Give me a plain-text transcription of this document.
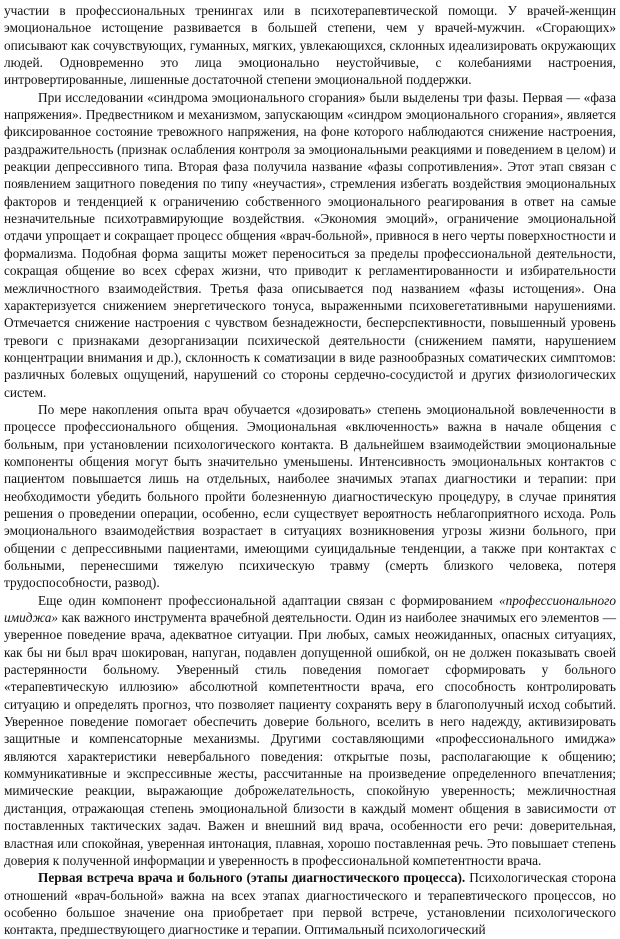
участии в профессиональных тренингах или в психотерапевтической помощи. У врачей-женщин эмоциональное истощение развивается в большей степени, чем у врачей-мужчин. «Сгорающих» описывают как сочувствующих, гуманных, мягких, увлекающихся, склонных идеализировать окружающих людей. Одновременно это лица эмоционально неустойчивые, с колебаниями настроения, интровертированные, лишенные достаточной степени эмоциональной поддержки.

При исследовании «синдрома эмоционального сгорания» были выделены три фазы. Первая — «фаза напряжения». Предвестником и механизмом, запускающим «синдром эмоционального сгорания», является фиксированное состояние тревожного напряжения, на фоне которого наблюдаются снижение настроения, раздражительность (признак ослабления контроля за эмоциональными реакциями и поведением в целом) и реакции депрессивного типа. Вторая фаза получила название «фазы сопротивления». Этот этап связан с появлением защитного поведения по типу «неучастия», стремления избегать воздействия эмоциональных факторов и тенденцией к ограничению собственного эмоционального реагирования в ответ на самые незначительные психотравмирующие воздействия. «Экономия эмоций», ограничение эмоциональной отдачи упрощает и сокращает процесс общения «врач-больной», привнося в него черты поверхностности и формализма. Подобная форма защиты может переноситься за пределы профессиональной деятельности, сокращая общение во всех сферах жизни, что приводит к регламентированности и избирательности межличностного взаимодействия. Третья фаза описывается под названием «фазы истощения». Она характеризуется снижением энергетического тонуса, выраженными психовегетативными нарушениями. Отмечается снижение настроения с чувством безнадежности, бесперспективности, повышенный уровень тревоги с признаками дезорганизации психической деятельности (снижением памяти, нарушением концентрации внимания и др.), склонность к соматизации в виде разнообразных соматических симптомов: различных болевых ощущений, нарушений со стороны сердечно-сосудистой и других физиологических систем.

По мере накопления опыта врач обучается «дозировать» степень эмоциональной вовлеченности в процессе профессионального общения. Эмоциональная «включенность» важна в начале общения с больным, при установлении психологического контакта. В дальнейшем взаимодействии эмоциональные компоненты общения могут быть значительно уменьшены. Интенсивность эмоциональных контактов с пациентом повышается лишь на отдельных, наиболее значимых этапах диагностики и терапии: при необходимости убедить больного пройти болезненную диагностическую процедуру, в случае принятия решения о проведении операции, особенно, если существует вероятность неблагоприятного исхода. Роль эмоционального взаимодействия возрастает в ситуациях возникновения угрозы жизни больного, при общении с депрессивными пациентами, имеющими суицидальные тенденции, а также при контактах с больными, перенесшими тяжелую психическую травму (смерть близкого человека, потеря трудоспособности, развод).

Еще один компонент профессиональной адаптации связан с формированием «профессионального имиджа» как важного инструмента врачебной деятельности. Один из наиболее значимых его элементов — уверенное поведение врача, адекватное ситуации. При любых, самых неожиданных, опасных ситуациях, как бы ни был врач шокирован, напуган, подавлен допущенной ошибкой, он не должен показывать своей растерянности больному. Уверенный стиль поведения помогает сформировать у больного «терапевтическую иллюзию» абсолютной компетентности врача, его способность контролировать ситуацию и определять прогноз, что позволяет пациенту сохранять веру в благополучный исход событий. Уверенное поведение помогает обеспечить доверие больного, вселить в него надежду, активизировать защитные и компенсаторные механизмы. Другими составляющими «профессионального имиджа» являются характеристики невербального поведения: открытые позы, располагающие к общению; коммуникативные и экспрессивные жесты, рассчитанные на произведение определенного впечатления; мимические реакции, выражающие доброжелательность, спокойную уверенность; межличностная дистанция, отражающая степень эмоциональной близости в каждый момент общения в зависимости от поставленных тактических задач. Важен и внешний вид врача, особенности его речи: доверительная, властная или спокойная, уверенная интонация, плавная, хорошо поставленная речь. Это повышает степень доверия к полученной информации и уверенность в профессиональной компетентности врача.

Первая встреча врача и больного (этапы диагностического процесса). Психологическая сторона отношений «врач-больной» важна на всех этапах диагностического и терапевтического процессов, но особенно большое значение она приобретает при первой встрече, установлении психологического контакта, предшествующего диагностике и терапии. Оптимальный психологический
